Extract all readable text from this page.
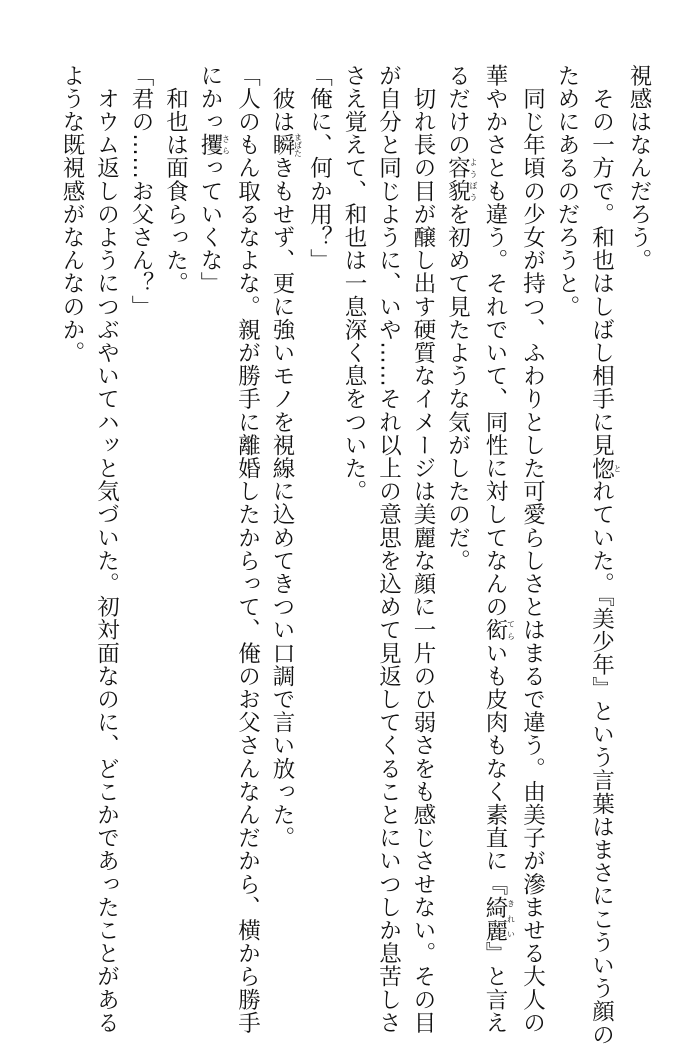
視感はなんだろう。
　その一方で。和也はしばし相手に見惚とれていた。『美少年』という言葉はまさにこういう顔の
ためにあるのだろうと。
　同じ年頃の少女が持つ、ふわりとした可愛らしさとはまるで違う。由美子が滲ませる大人の
華やかさとも違う。それでいて、同性に対してなんの衒てらいも皮肉もなく素直に『綺麗きれい』と言え
るだけの容貌ようぼうを初めて見たような気がしたのだ。
　切れ長の目が醸し出す硬質なイメージは美麗な顔に一片のひ弱さをも感じさせない。その目
が自分と同じように、いや……それ以上の意思を込めて見返してくることにいつしか息苦しさ
さえ覚えて、和也は一息深く息をついた。
「俺に、何か用？」
　彼は瞬まばたきもせず、更に強いモノを視線に込めてきつい口調で言い放った。
「人のもん取るなよな。親が勝手に離婚したからって、俺のお父さんなんだから、横から勝手
にかっ攫さらっていくな」
　和也は面食らった。
「君の……お父さん？」
　オウム返しのようにつぶやいてハッと気づいた。初対面なのに、どこかであったことがある
ような既視感がなんなのか。
